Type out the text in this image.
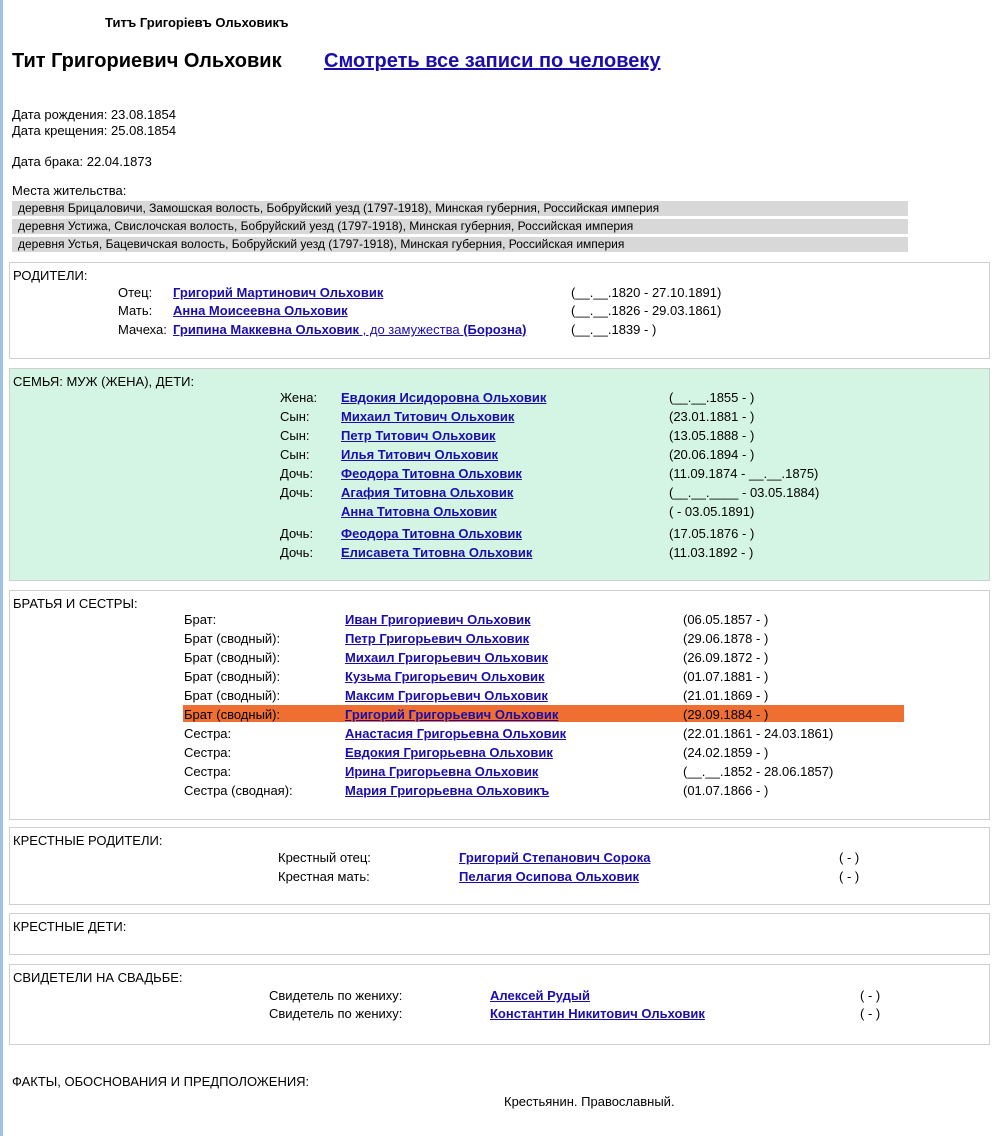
Титъ Григорiевъ Ольховикъ
Тит Григориевич Ольховик Смотреть все записи по человеку
Дата рождения: 23.08.1854
Дата крещения: 25.08.1854
Дата брака: 22.04.1873
Места жительства:
деревня Брицаловичи, Замошская волость, Бобруйский уезд (1797-1918), Минская губерния, Российская империя
деревня Устижа, Свислочская волость, Бобруйский уезд (1797-1918), Минская губерния, Российская империя
деревня Устья, Бацевичская волость, Бобруйский уезд (1797-1918), Минская губерния, Российская империя
РОДИТЕЛИ:
Отец: Григорий Мартинович Ольховик	(__.__.1820 - 27.10.1891)
Мать: Анна Моисеевна Ольховик	(__.__.1826 - 29.03.1861)
Мачеха: Грипина Маккевна Ольховик , до замужества (Борозна)	(__.__.1839 - )
СЕМЬЯ: МУЖ (ЖЕНА), ДЕТИ:
Жена: Евдокия Исидоровна Ольховик	(__.__.1855 - )
Сын: Михаил Титович Ольховик	(23.01.1881 - )
Сын: Петр Титович Ольховик	(13.05.1888 - )
Сын: Илья Титович Ольховик	(20.06.1894 - )
Дочь: Феодора Титовна Ольховик	(11.09.1874 - __.__.1875)
Дочь: Агафия Титовна Ольховик	(__.__.____ - 03.05.1884)
Анна Титовна Ольховик	( - 03.05.1891)
Дочь: Феодора Титовна Ольховик	(17.05.1876 - )
Дочь: Елисавета Титовна Ольховик	(11.03.1892 - )
БРАТЬЯ И СЕСТРЫ:
Брат:	Иван Григориевич Ольховик	(06.05.1857 - )
Брат (сводный):	Петр Григорьевич Ольховик	(29.06.1878 - )
Брат (сводный):	Михаил Григорьевич Ольховик	(26.09.1872 - )
Брат (сводный):	Кузьма Григорьевич Ольховик	(01.07.1881 - )
Брат (сводный):	Максим Григорьевич Ольховик	(21.01.1869 - )
Брат (сводный):	Григорий Григорьевич Ольховик	(29.09.1884 - )
Сестра:	Анастасия Григорьевна Ольховик	(22.01.1861 - 24.03.1861)
Сестра:	Евдокия Григорьевна Ольховик	(24.02.1859 - )
Сестра:	Ирина Григорьевна Ольховик	(__.__.1852 - 28.06.1857)
Сестра (сводная):	Мария Григорьевна Ольховикъ	(01.07.1866 - )
КРЕСТНЫЕ РОДИТЕЛИ:
Крестный отец:	Григорий Степанович Сорока	( - )
Крестная мать:	Пелагия Осипова Ольховик	( - )
КРЕСТНЫЕ ДЕТИ:
СВИДЕТЕЛИ НА СВАДЬБЕ:
Свидетель по жениху:	Алексей Рудый	( - )
Свидетель по жениху:	Константин Никитович Ольховик	( - )
ФАКТЫ, ОБОСНОВАНИЯ И ПРЕДПОЛОЖЕНИЯ:
Крестьянин. Православный.
